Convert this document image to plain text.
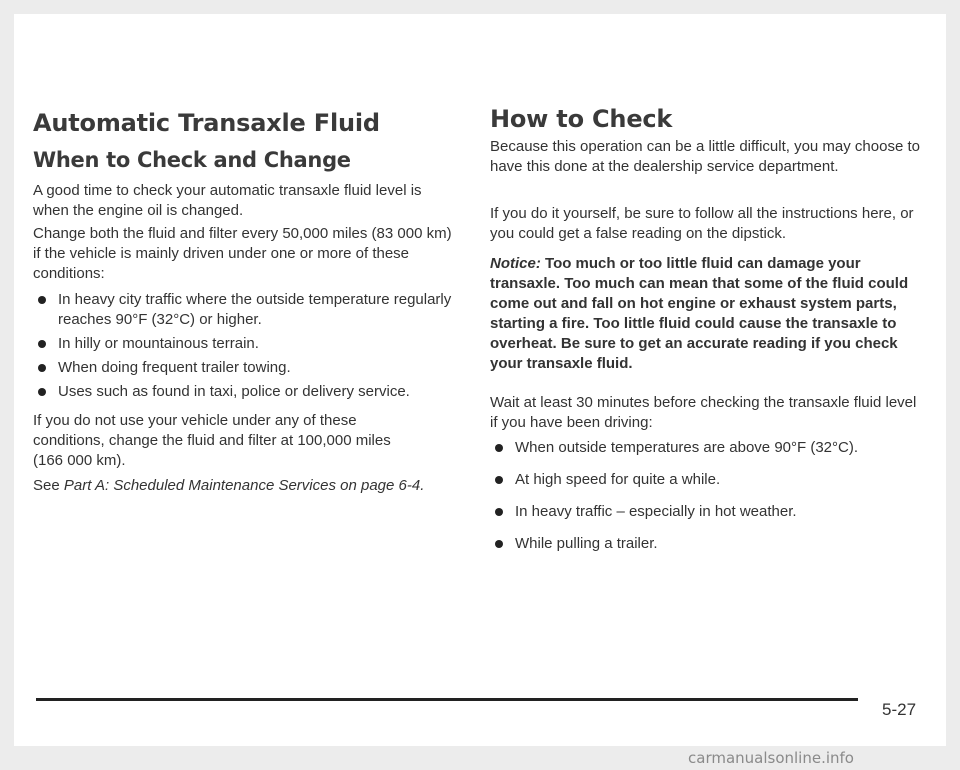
Automatic Transaxle Fluid
When to Check and Change

A good time to check your automatic transaxle fluid level is when the engine oil is changed.

Change both the fluid and filter every 50,000 miles (83 000 km) if the vehicle is mainly driven under one or more of these conditions:

In heavy city traffic where the outside temperature regularly reaches 90°F (32°C) or higher.
In hilly or mountainous terrain.
When doing frequent trailer towing.
Uses such as found in taxi, police or delivery service.

If you do not use your vehicle under any of these conditions, change the fluid and filter at 100,000 miles (166 000 km).

See Part A: Scheduled Maintenance Services on page 6-4.

How to Check

Because this operation can be a little difficult, you may choose to have this done at the dealership service department.

If you do it yourself, be sure to follow all the instructions here, or you could get a false reading on the dipstick.

Notice: Too much or too little fluid can damage your transaxle. Too much can mean that some of the fluid could come out and fall on hot engine or exhaust system parts, starting a fire. Too little fluid could cause the transaxle to overheat. Be sure to get an accurate reading if you check your transaxle fluid.

Wait at least 30 minutes before checking the transaxle fluid level if you have been driving:

When outside temperatures are above 90°F (32°C).
At high speed for quite a while.
In heavy traffic – especially in hot weather.
While pulling a trailer.
5-27
carmanualsonline.info
